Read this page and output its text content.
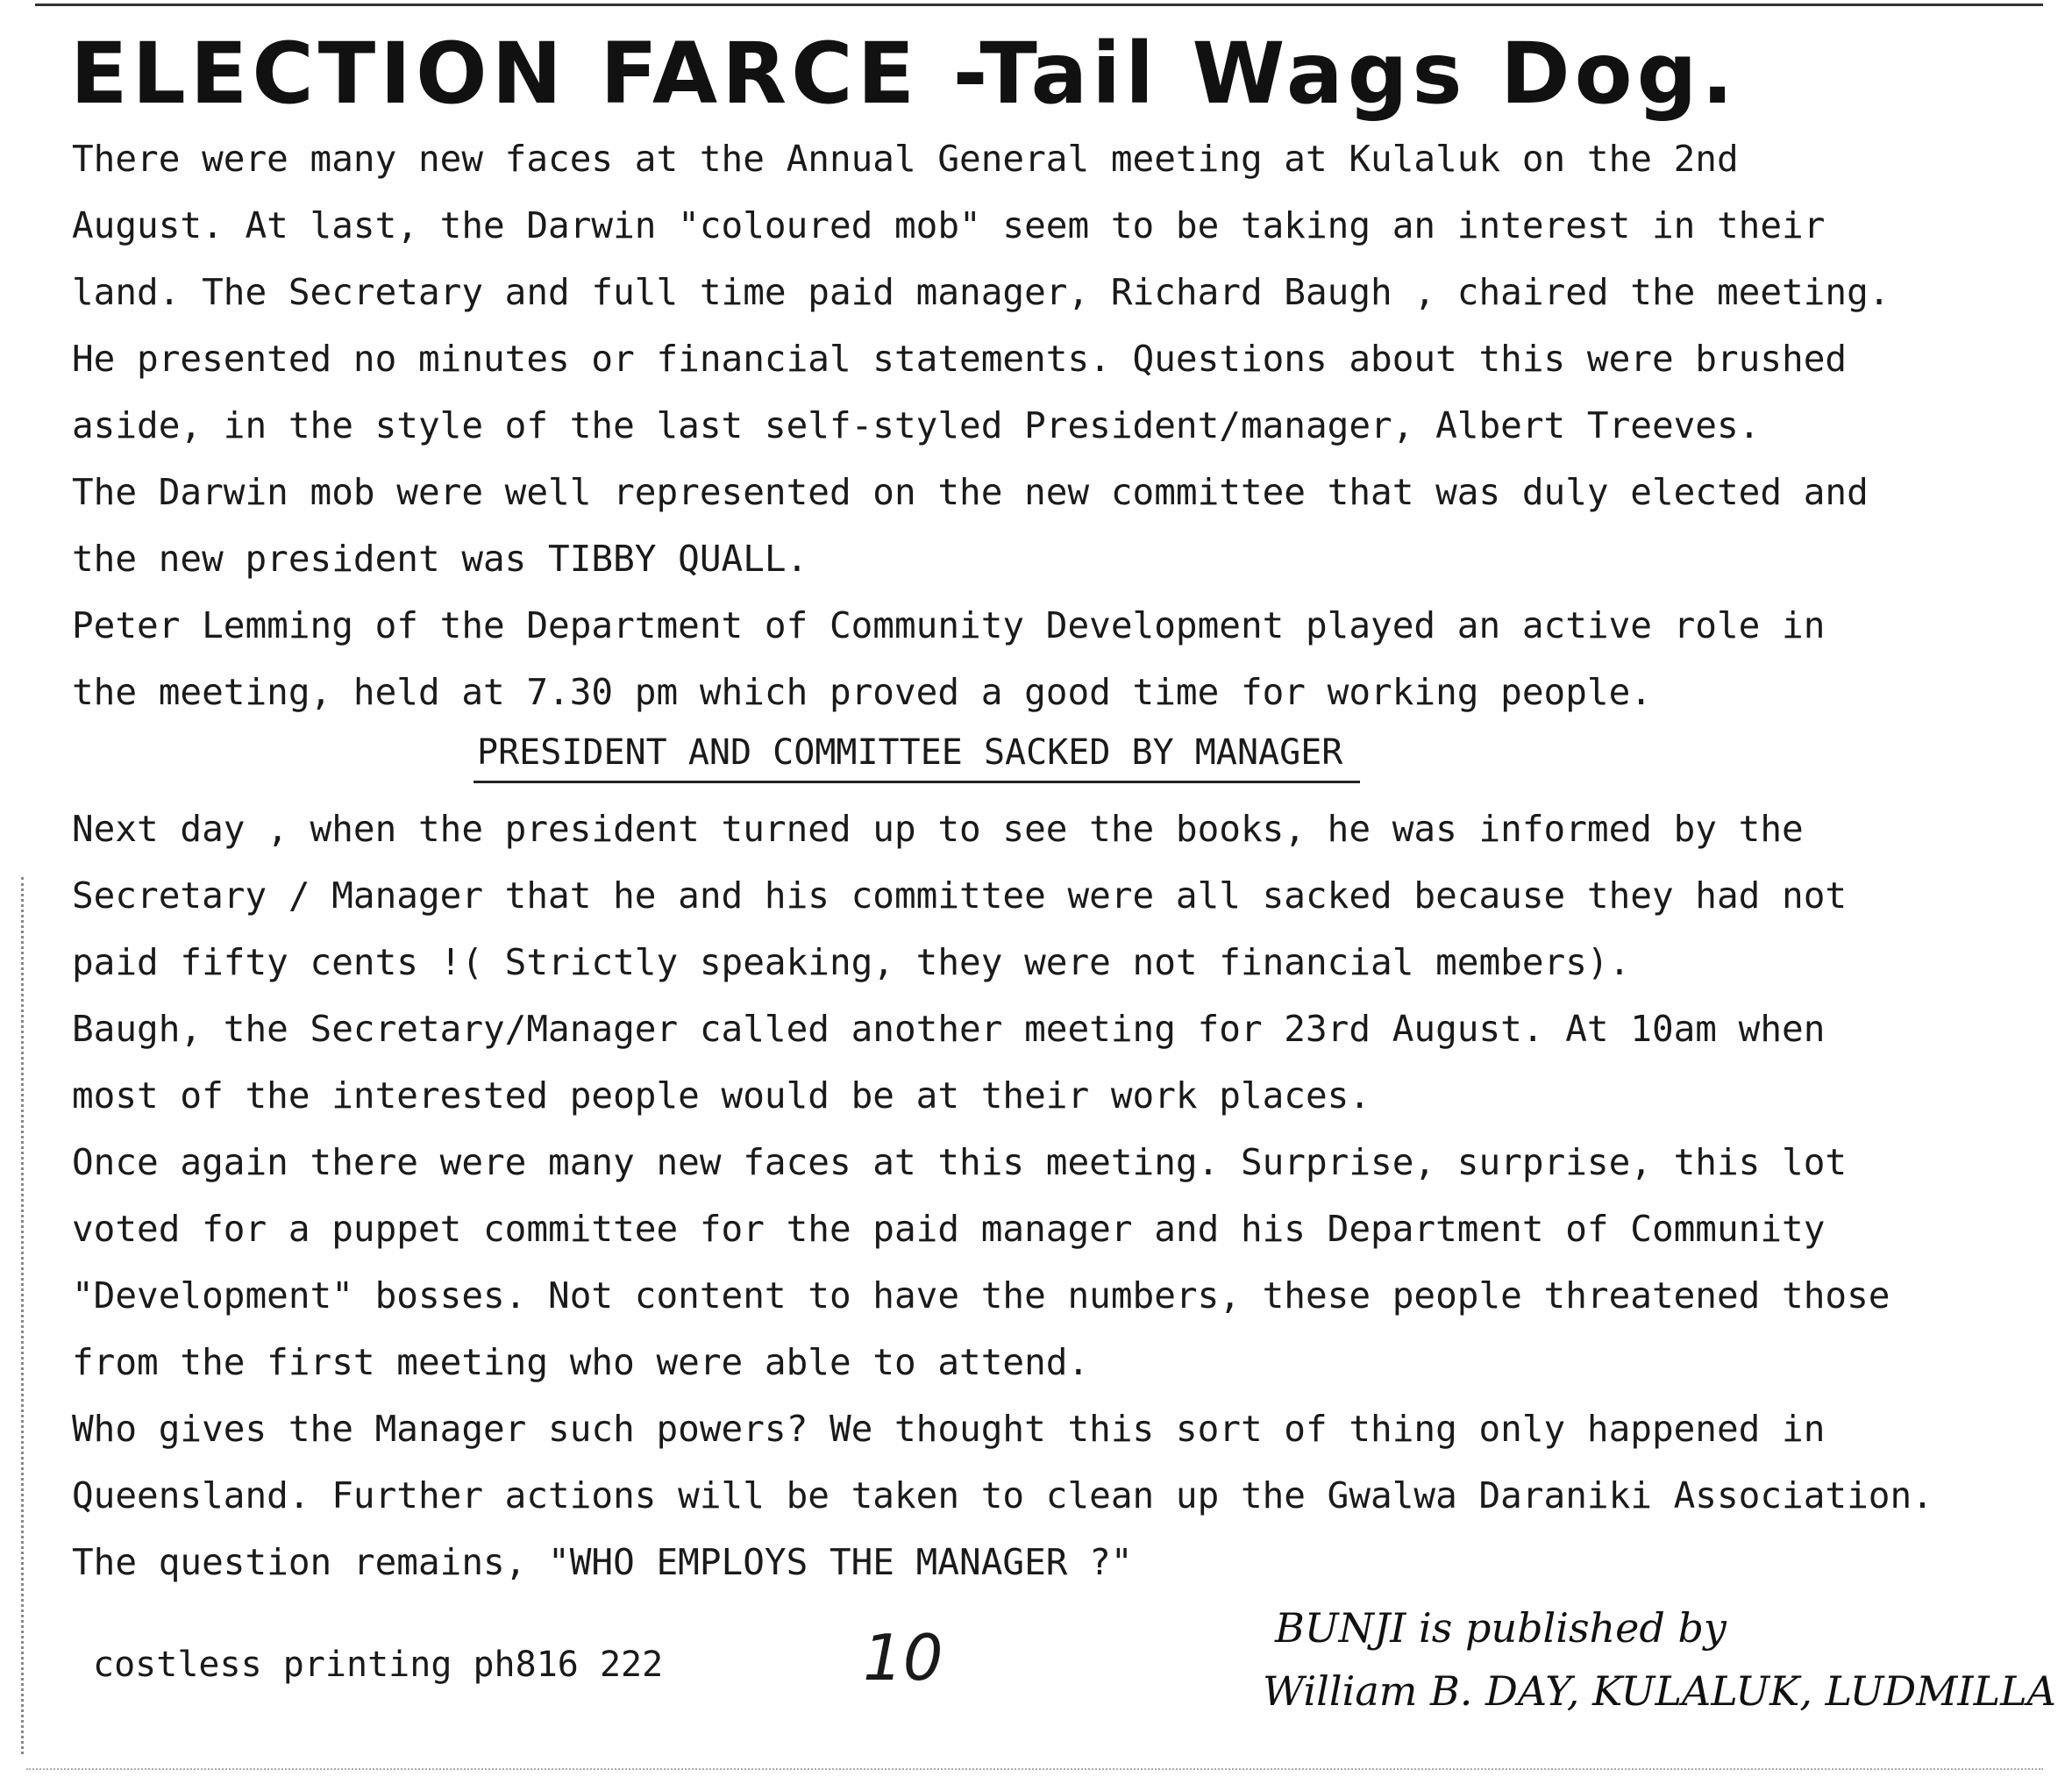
ELECTION FARCE -Tail Wags Dog.
There were many new faces at the Annual General meeting at Kulaluk on the 2nd
August. At last, the Darwin "coloured mob" seem to be taking an interest in their
land. The Secretary and full time paid manager, Richard Baugh , chaired the meeting.
He presented no minutes or financial statements. Questions about this were brushed
aside, in the style of the last self-styled President/manager, Albert Treeves.
The Darwin mob were well represented on the new committee that was duly elected and
the new president was TIBBY QUALL.
Peter Lemming of the Department of Community Development played an active role in
the meeting, held at 7.30 pm which proved a good time for working people.
PRESIDENT AND COMMITTEE SACKED BY MANAGER
Next day , when the president turned up to see the books, he was informed by the
Secretary / Manager that he and his committee were all sacked because they had not
paid fifty cents !( Strictly speaking, they were not financial members).
Baugh, the Secretary/Manager called another meeting for 23rd August. At 10am when
most of the interested people would be at their work places.
Once again there were many new faces at this meeting. Surprise, surprise, this lot
voted for a puppet committee for the paid manager and his Department of Community
"Development" bosses. Not content to have the numbers, these people threatened those
from the first meeting who were able to attend.
Who gives the Manager such powers? We thought this sort of thing only happened in
Queensland. Further actions will be taken to clean up the Gwalwa Daraniki Association.
The question remains, "WHO EMPLOYS THE MANAGER ?"
costless printing ph816 222	10	BUNJI is published by
William B. DAY, KULALUK, LUDMILLA
